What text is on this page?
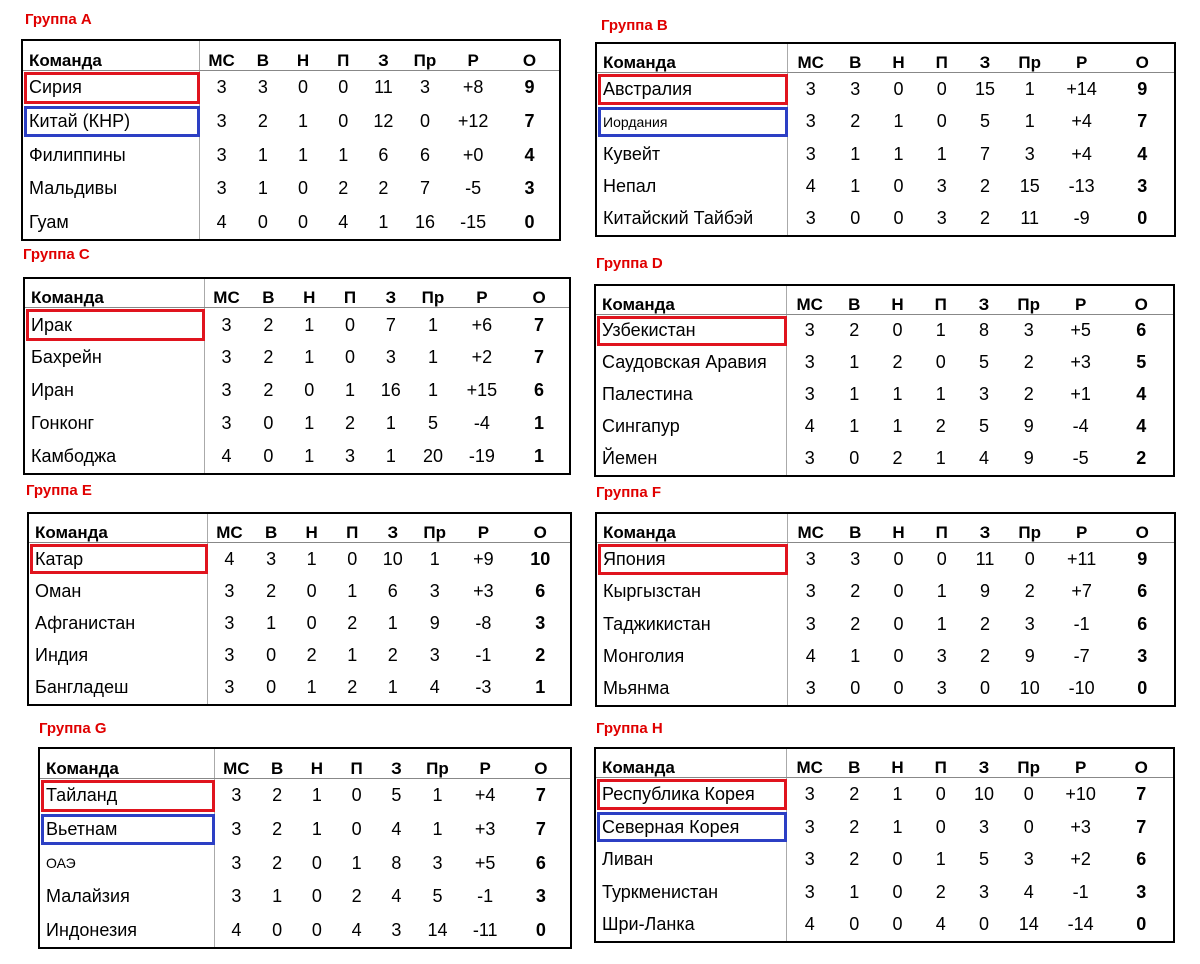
Группа A	Группа B
Группа C
Группа D
Группа E	Группа F
Группа G	Группа H
Команда	МС	В	Н	П	З	Пр	Р	О
Сирия	3	3	0	0	11	3	+8	9
Китай (КНР)	3	2	1	0	12	0	+12	7
Филиппины	3	1	1	1	6	6	+0	4
Мальдивы	3	1	0	2	2	7	-5	3
Гуам	4	0	0	4	1	16	-15	0
Команда	МС	В	Н	П	З	Пр	Р	О
Австралия	3	3	0	0	15	1	+14	9
Иордания	3	2	1	0	5	1	+4	7
Кувейт	3	1	1	1	7	3	+4	4
Непал	4	1	0	3	2	15	-13	3
Китайский Тайбэй	3	0	0	3	2	11	-9	0
Команда	МС	В	Н	П	З	Пр	Р	О
Ирак	3	2	1	0	7	1	+6	7
Бахрейн	3	2	1	0	3	1	+2	7
Иран	3	2	0	1	16	1	+15	6
Гонконг	3	0	1	2	1	5	-4	1
Камбоджа	4	0	1	3	1	20	-19	1
Команда	МС	В	Н	П	З	Пр	Р	О
Узбекистан	3	2	0	1	8	3	+5	6
Саудовская Аравия	3	1	2	0	5	2	+3	5
Палестина	3	1	1	1	3	2	+1	4
Сингапур	4	1	1	2	5	9	-4	4
Йемен	3	0	2	1	4	9	-5	2
Команда	МС	В	Н	П	З	Пр	Р	О
Катар	4	3	1	0	10	1	+9	10
Оман	3	2	0	1	6	3	+3	6
Афганистан	3	1	0	2	1	9	-8	3
Индия	3	0	2	1	2	3	-1	2
Бангладеш	3	0	1	2	1	4	-3	1
Команда	МС	В	Н	П	З	Пр	Р	О
Япония	3	3	0	0	11	0	+11	9
Кыргызстан	3	2	0	1	9	2	+7	6
Таджикистан	3	2	0	1	2	3	-1	6
Монголия	4	1	0	3	2	9	-7	3
Мьянма	3	0	0	3	0	10	-10	0
Команда	МС	В	Н	П	З	Пр	Р	О
Тайланд	3	2	1	0	5	1	+4	7
Вьетнам	3	2	1	0	4	1	+3	7
ОАЭ	3	2	0	1	8	3	+5	6
Малайзия	3	1	0	2	4	5	-1	3
Индонезия	4	0	0	4	3	14	-11	0
Команда	МС	В	Н	П	З	Пр	Р	О
Республика Корея	3	2	1	0	10	0	+10	7
Северная Корея	3	2	1	0	3	0	+3	7
Ливан	3	2	0	1	5	3	+2	6
Туркменистан	3	1	0	2	3	4	-1	3
Шри-Ланка	4	0	0	4	0	14	-14	0
